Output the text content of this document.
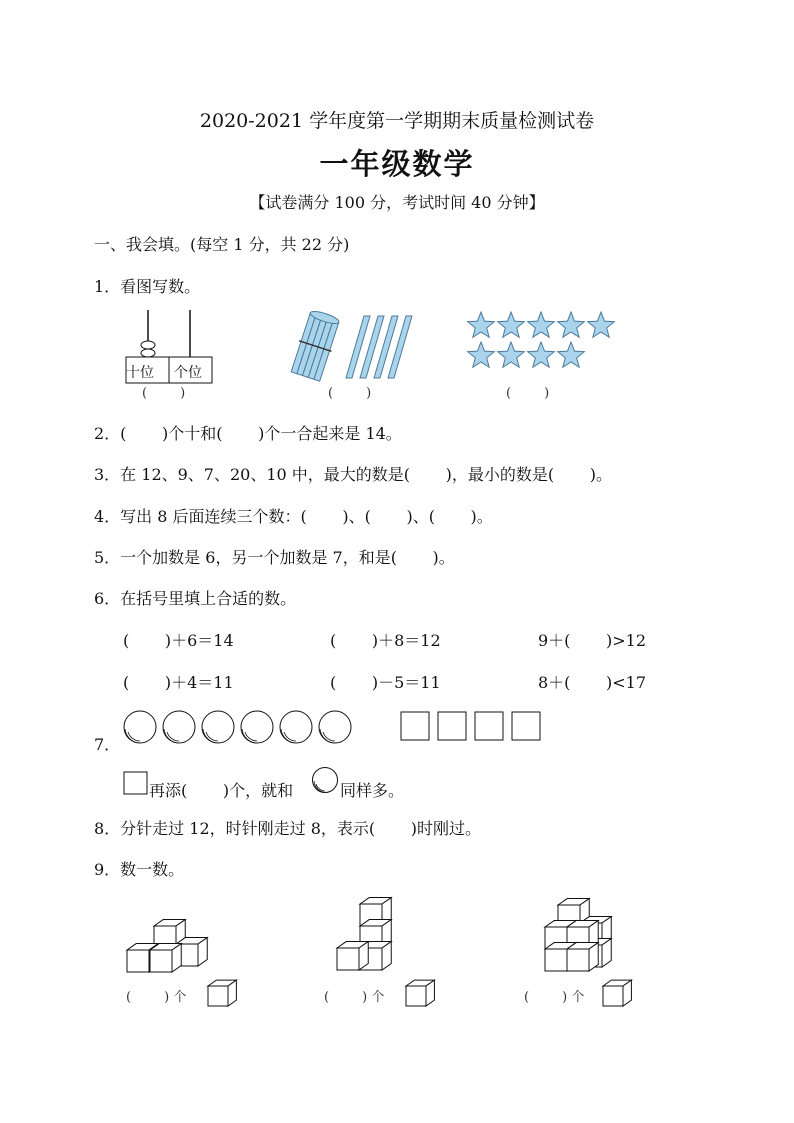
2020-2021 学年度第一学期期末质量检测试卷
一年级数学
【试卷满分 100 分，考试时间 40 分钟】
一、我会填。(每空 1 分，共 22 分)
1．看图写数。
十位 个位
(        )	(        )	(        )
2．(       )个十和(       )个一合起来是 14。
3．在 12、9、7、20、10 中，最大的数是(       )，最小的数是(       )。
4．写出 8 后面连续三个数：(       )、(       )、(       )。
5．一个加数是 6，另一个加数是 7，和是(       )。
6．在括号里填上合适的数。
(       )＋6＝14	(       )＋8＝12	9＋(       )>12
(       )＋4＝11	(       )－5＝11	8＋(       )<17
7．
再添(       )个，就和	同样多。
8．分针走过 12，时针刚走过 8，表示(       )时刚过。
9．数一数。
(        ) 个	(        ) 个	(        ) 个
